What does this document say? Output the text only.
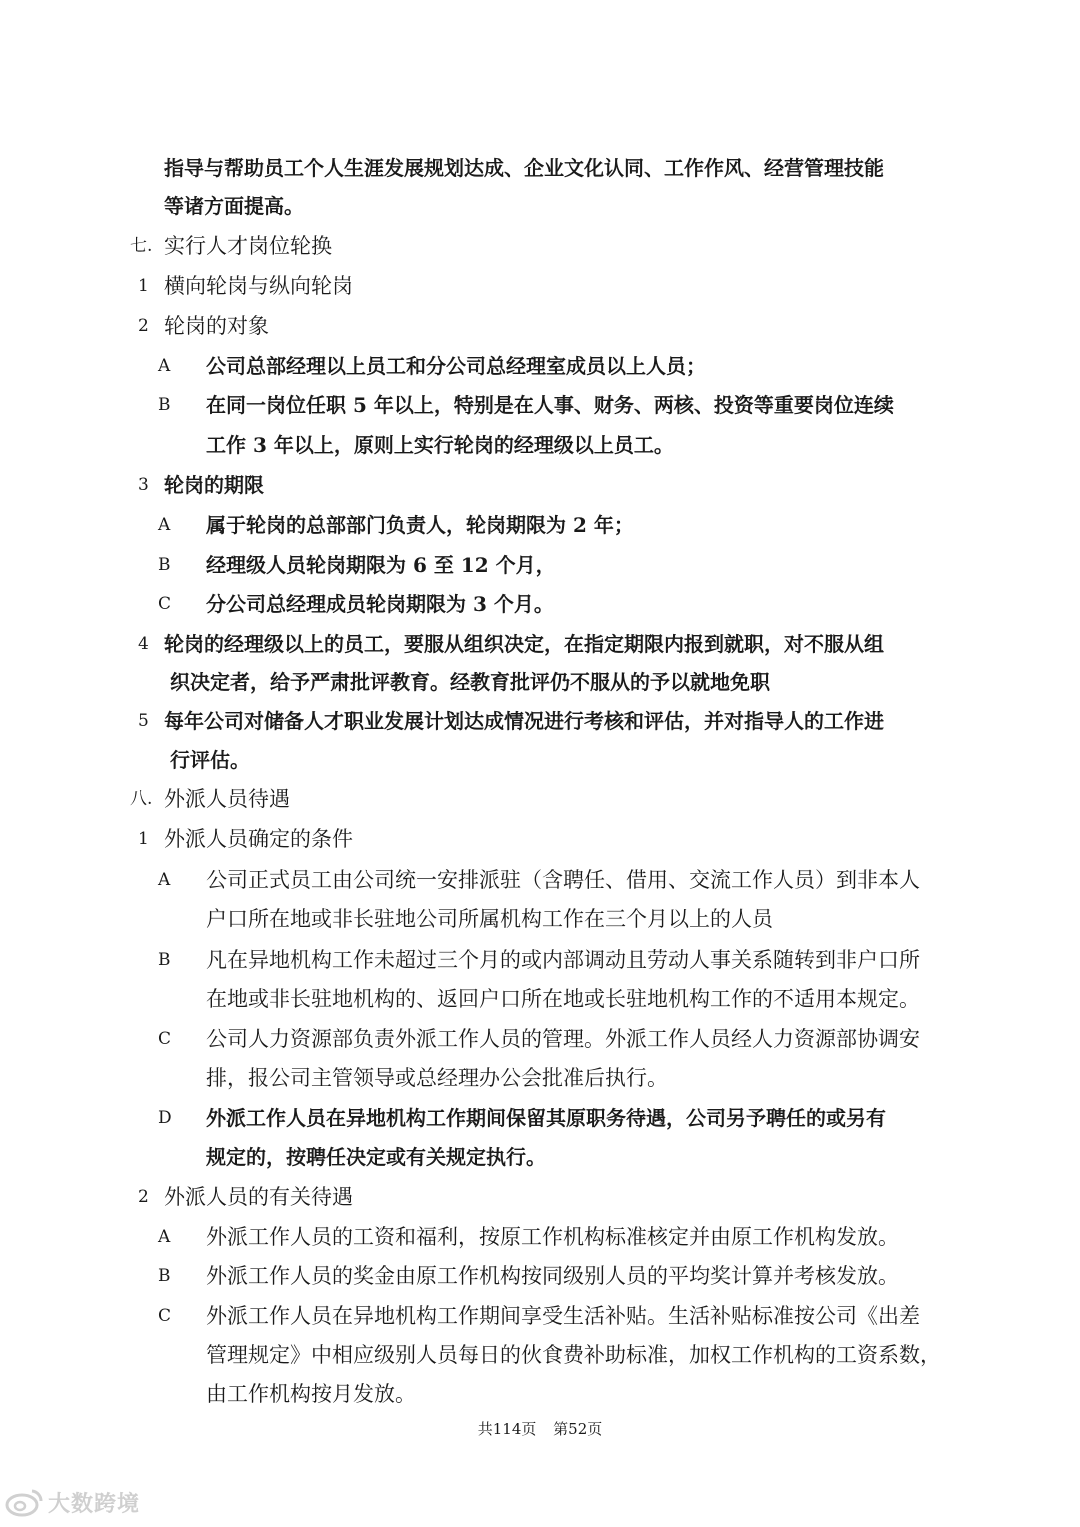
指导与帮助员工个人生涯发展规划达成、企业文化认同、工作作风、经营管理技能
等诸方面提高。
七. 实行人才岗位轮换
1 横向轮岗与纵向轮岗
2 轮岗的对象
A 公司总部经理以上员工和分公司总经理室成员以上人员；
B 在同一岗位任职 5 年以上，特别是在人事、财务、两核、投资等重要岗位连续
工作 3 年以上，原则上实行轮岗的经理级以上员工。
3 轮岗的期限
A 属于轮岗的总部部门负责人，轮岗期限为 2 年；
B 经理级人员轮岗期限为 6 至 12 个月，
C 分公司总经理成员轮岗期限为 3 个月。
4 轮岗的经理级以上的员工，要服从组织决定，在指定期限内报到就职，对不服从组
织决定者，给予严肃批评教育。经教育批评仍不服从的予以就地免职
5 每年公司对储备人才职业发展计划达成情况进行考核和评估，并对指导人的工作进
行评估。
八. 外派人员待遇
1 外派人员确定的条件
A 公司正式员工由公司统一安排派驻（含聘任、借用、交流工作人员）到非本人
户口所在地或非长驻地公司所属机构工作在三个月以上的人员
B 凡在异地机构工作未超过三个月的或内部调动且劳动人事关系随转到非户口所
在地或非长驻地机构的、返回户口所在地或长驻地机构工作的不适用本规定。
C 公司人力资源部负责外派工作人员的管理。外派工作人员经人力资源部协调安
排，报公司主管领导或总经理办公会批准后执行。
D 外派工作人员在异地机构工作期间保留其原职务待遇，公司另予聘任的或另有
规定的，按聘任决定或有关规定执行。
2 外派人员的有关待遇
A 外派工作人员的工资和福利，按原工作机构标准核定并由原工作机构发放。
B 外派工作人员的奖金由原工作机构按同级别人员的平均奖计算并考核发放。
C 外派工作人员在异地机构工作期间享受生活补贴。生活补贴标准按公司《出差
管理规定》中相应级别人员每日的伙食费补助标准，加权工作机构的工资系数，
由工作机构按月发放。
共114页 第52页
大数跨境
